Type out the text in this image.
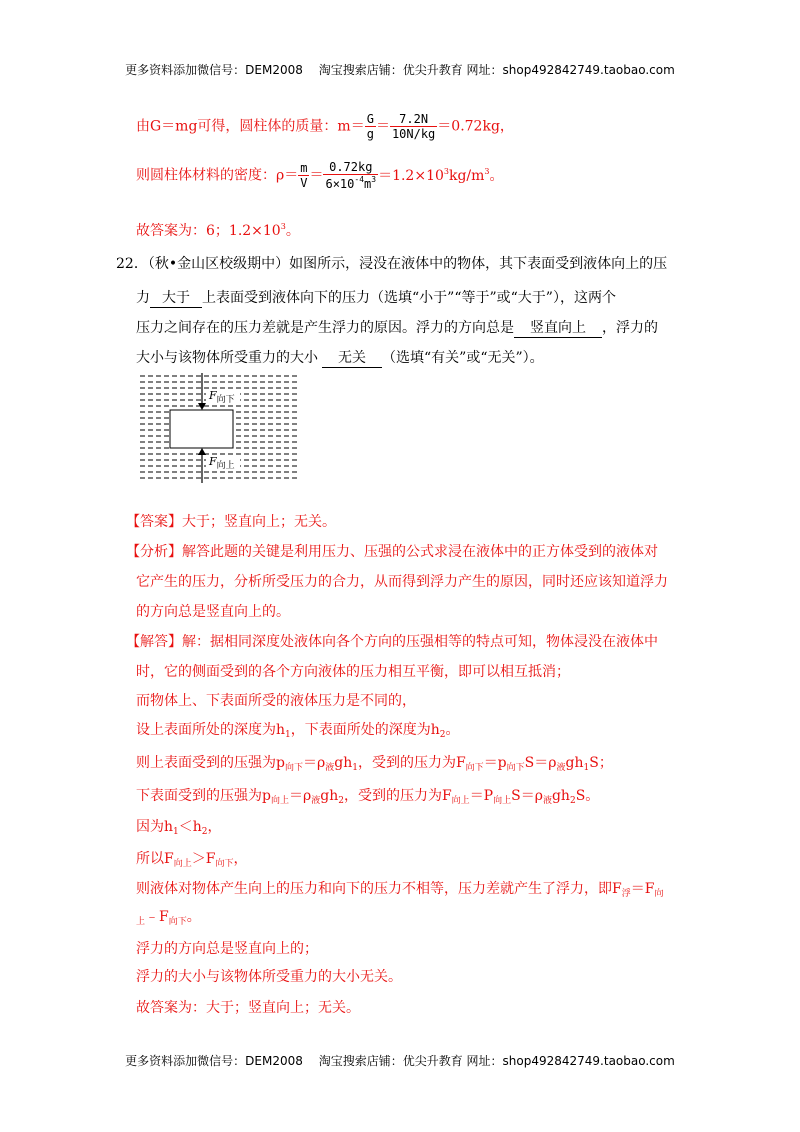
更多资料添加微信号：DEM2008　 淘宝搜索店铺：优尖升教育 网址：shop492842749.taobao.com
由G＝mg可得，圆柱体的质量：$m= \frac{G}{g} = \frac{7.2N}{10N/kg} =0.72kg$，
则圆柱体材料的密度：$\rho= \frac{m}{V} = \frac{0.72kg}{6\times 10^{-4}m^3} =1.2\times 10^3kg/m^3$。
故答案为：6；$1.2\times 10^3$。
22．（秋•金山区校级期中）如图所示，浸没在液体中的物体，其下表面受到液体向上的压
力 大于 上表面受到液体向下的压力（选填“小于”“等于”或“大于”），这两个
压力之间存在的压力差就是产生浮力的原因。浮力的方向总是 竖直向上 ，浮力的
大小与该物体所受重力的大小 无关 （选填“有关”或“无关”）。
$F_{向下}$
$F_{向上}$
【答案】大于；竖直向上；无关。
【分析】解答此题的关键是利用压力、压强的公式求浸在液体中的正方体受到的液体对
它产生的压力，分析所受压力的合力，从而得到浮力产生的原因，同时还应该知道浮力
的方向总是竖直向上的。
【解答】解：据相同深度处液体向各个方向的压强相等的特点可知，物体浸没在液体中
时，它的侧面受到的各个方向液体的压力相互平衡，即可以相互抵消；
而物体上、下表面所受的液体压力是不同的，
设上表面所处的深度为$h_1$，下表面所处的深度为$h_2$。
则上表面受到的压强为$p_{向下}=\rho_液gh_1$，受到的压力为$F_{向下}=p_{向下}S=\rho_液gh_1S$；
下表面受到的压强为$p_{向上}=\rho_液gh_2$，受到的压力为$F_{向上}=P_{向上}S=\rho_液gh_2S$。
因为$h_1<h_2$，
所以$F_{向上}>F_{向下}$，
则液体对物体产生向上的压力和向下的压力不相等，压力差就产生了浮力，即$F_浮=F_向$
$_上﹣F_{向下}$。
浮力的方向总是竖直向上的；
浮力的大小与该物体所受重力的大小无关。
故答案为：大于；竖直向上；无关。
更多资料添加微信号：DEM2008　 淘宝搜索店铺：优尖升教育 网址：shop492842749.taobao.com
